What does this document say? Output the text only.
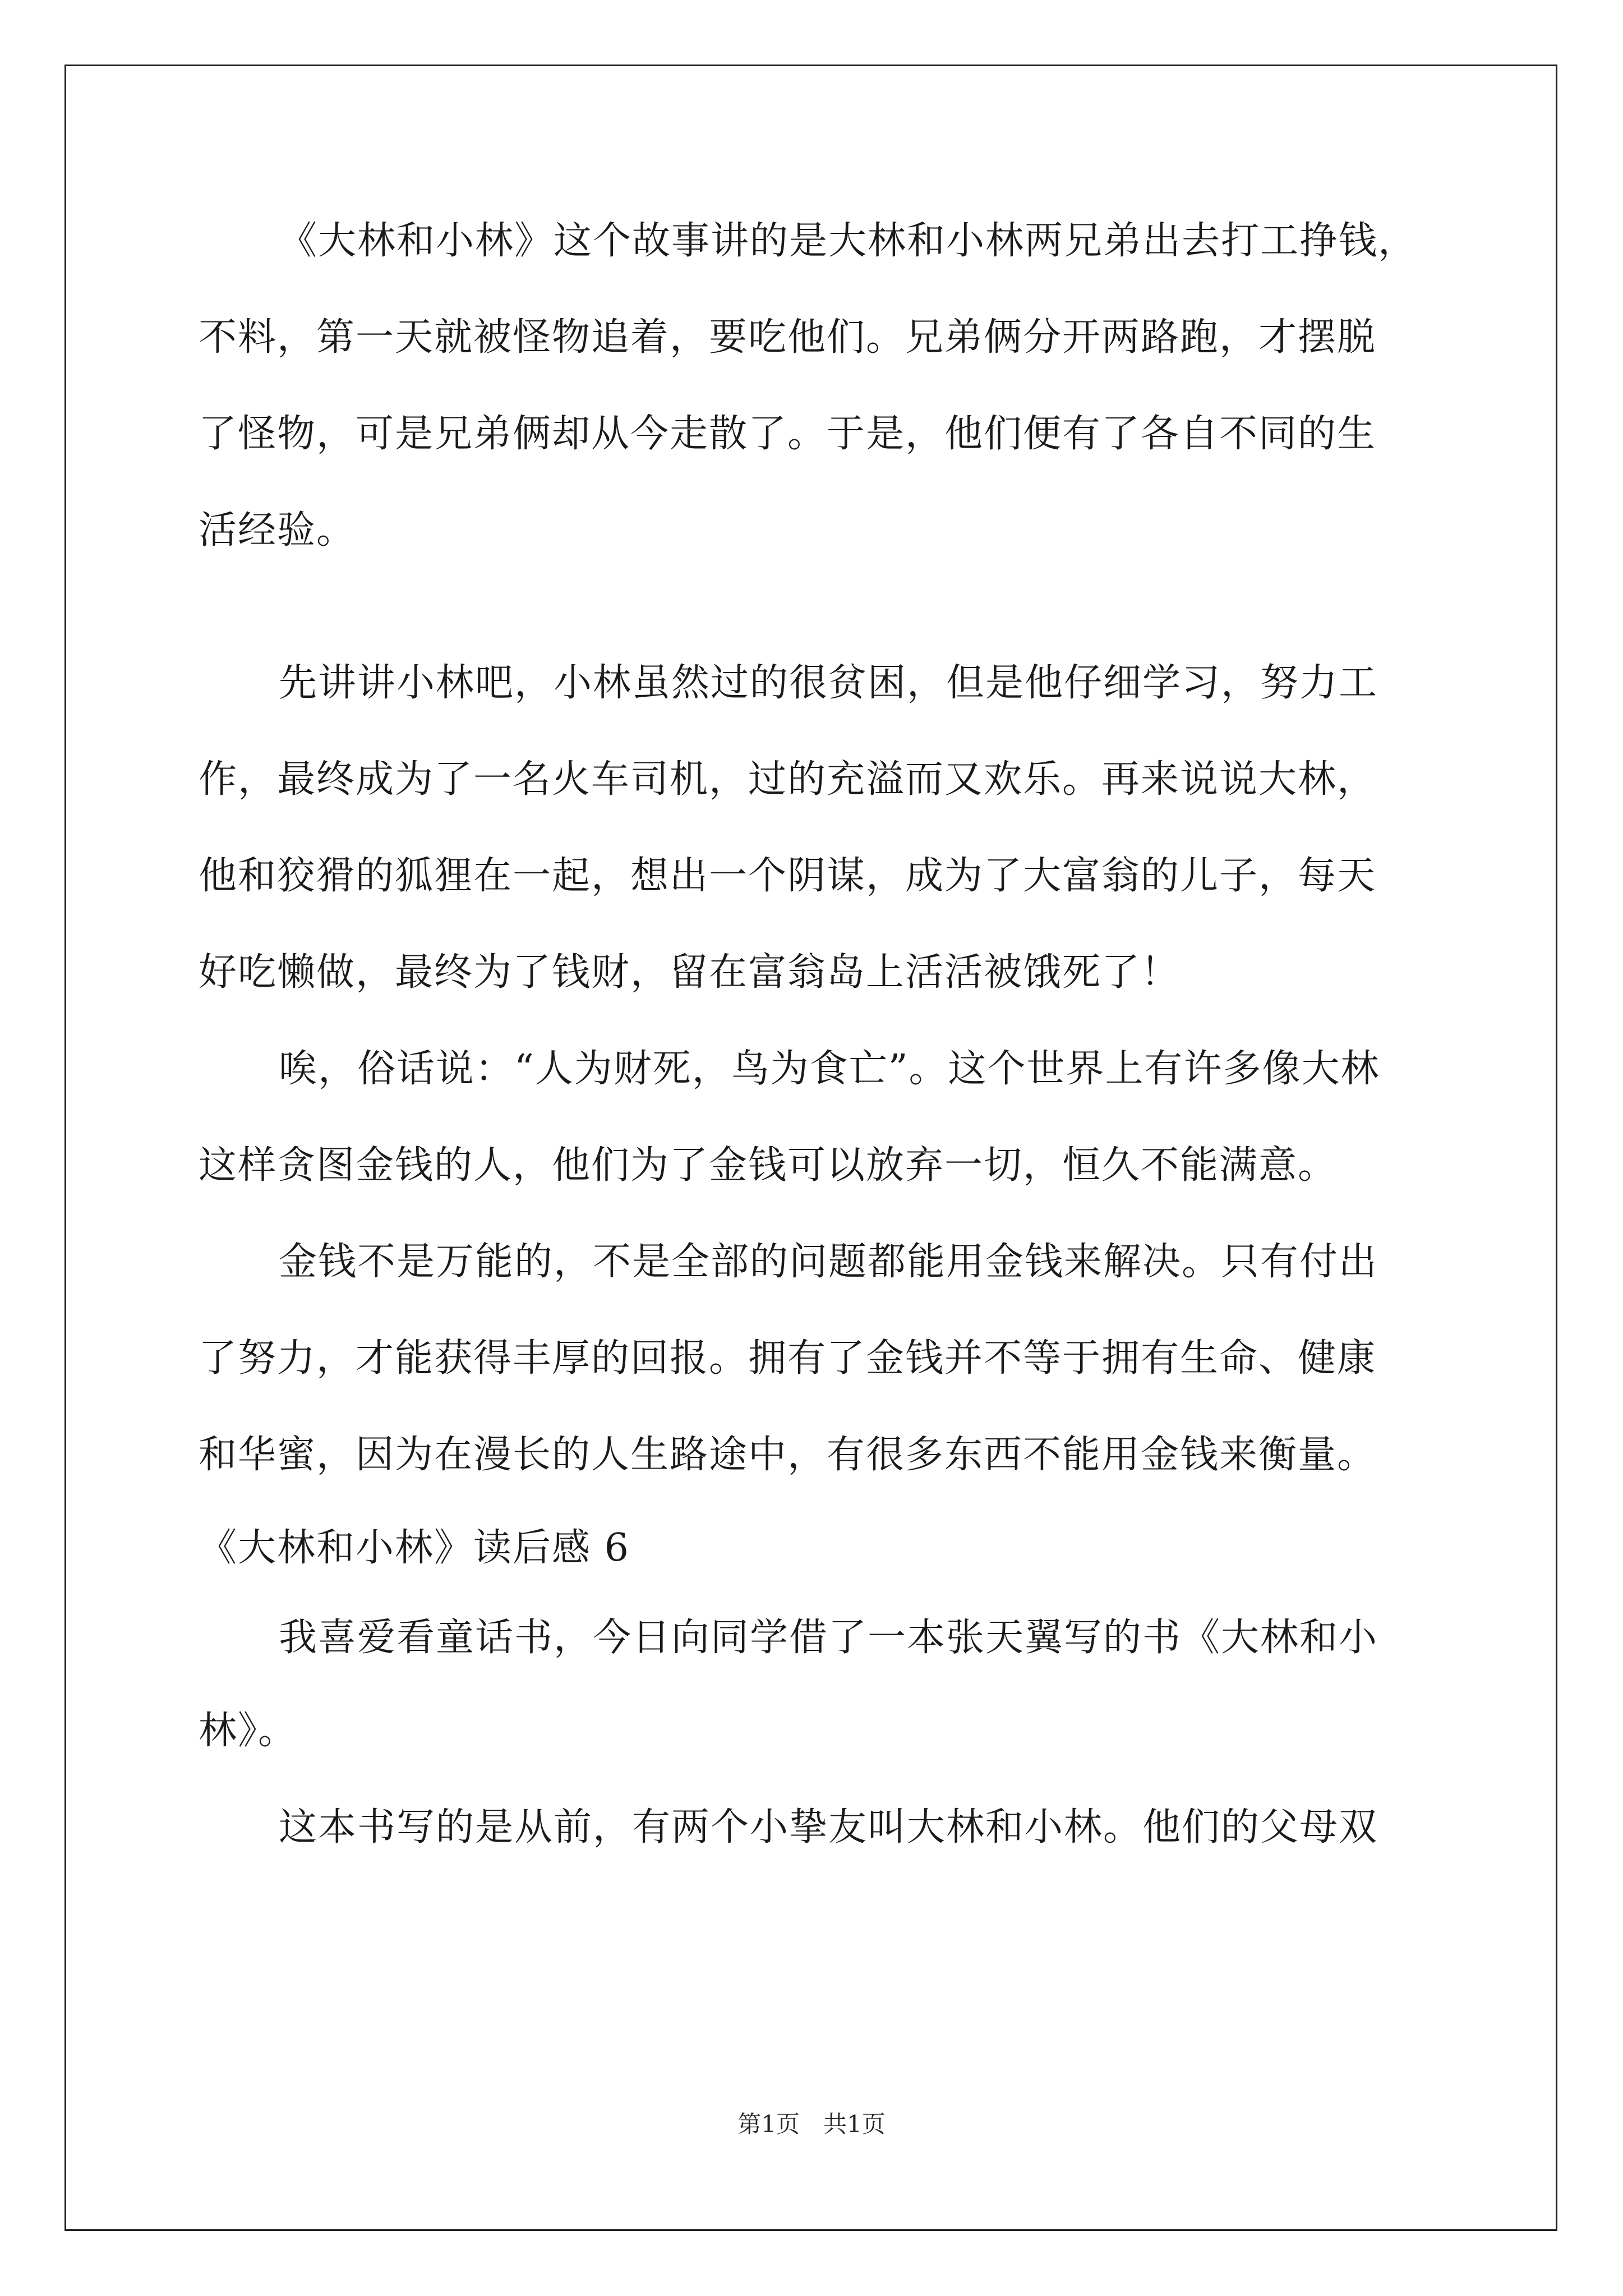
《大林和小林》这个故事讲的是大林和小林两兄弟出去打工挣钱，
不料，第一天就被怪物追着，要吃他们。兄弟俩分开两路跑，才摆脱
了怪物，可是兄弟俩却从今走散了。于是，他们便有了各自不同的生
活经验。
先讲讲小林吧，小林虽然过的很贫困，但是他仔细学习，努力工
作，最终成为了一名火车司机，过的充溢而又欢乐。再来说说大林，
他和狡猾的狐狸在一起，想出一个阴谋，成为了大富翁的儿子，每天
好吃懒做，最终为了钱财，留在富翁岛上活活被饿死了！
唉，俗话说：“人为财死，鸟为食亡”。这个世界上有许多像大林
这样贪图金钱的人，他们为了金钱可以放弃一切，恒久不能满意。
金钱不是万能的，不是全部的问题都能用金钱来解决。只有付出
了努力，才能获得丰厚的回报。拥有了金钱并不等于拥有生命、健康
和华蜜，因为在漫长的人生路途中，有很多东西不能用金钱来衡量。
《大林和小林》读后感 6
我喜爱看童话书，今日向同学借了一本张天翼写的书《大林和小
林》。
这本书写的是从前，有两个小挚友叫大林和小林。他们的父母双
第1页　共1页
